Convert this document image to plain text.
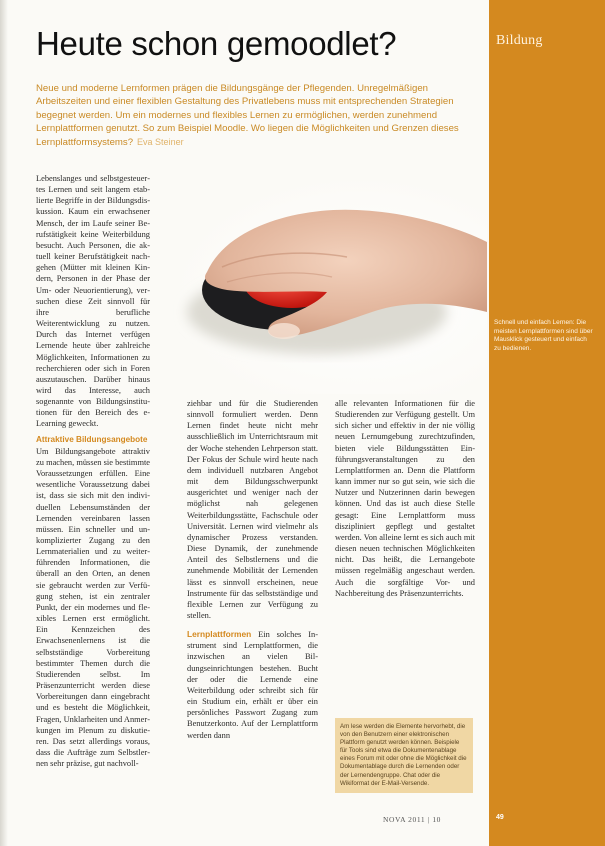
Bildung
Schnell und einfach Lernen: Die meisten Lernplattformen sind über Mausklick gesteuert und einfach zu bedienen.
49
Heute schon gemoodlet?

Neue und moderne Lernformen prägen die Bildungsgänge der Pflegenden. Unregelmäßigen Arbeitszeiten und einer flexiblen Gestaltung des Privatlebens muss mit entsprechenden Strategien begegnet werden. Um ein modernes und flexibles Lernen zu ermöglichen, werden zunehmend Lernplattformen genutzt. So zum Beispiel Moodle. Wo liegen die Möglichkeiten und Grenzen dieses Lernplattformsystems? Eva Steiner

Lebenslanges und selbstgesteuertes Lernen und seit langem etablierte Begriffe in der Bildungsdiskussion. Kaum ein erwachsener Mensch, der im Laufe seiner Berufstätigkeit keine Weiterbildung besucht. Auch Personen, die aktuell keiner Berufstätigkeit nachgehen (Mütter mit kleinen Kindern, Personen in der Phase der Um- oder Neuorientierung), versuchen diese Zeit sinnvoll für ihre berufliche Weiterentwicklung zu nutzen. Durch das Internet verfügen Lernende heute über zahlreiche Möglichkeiten, Informationen zu recherchieren oder sich in Foren auszutauschen. Darüber hinaus wird das Interesse, auch sogenannte von Bildungsinstitutionen für den Bereich des e-Learning geweckt.

Attraktive Bildungsangebote

Um Bildungsangebote attraktiv zu machen, müssen sie bestimmte Voraussetzungen erfüllen. Eine wesentliche Voraussetzung dabei ist, dass sie sich mit den individuellen Lebensumständen der Lernenden vereinbaren lassen müssen. Ein schneller und unkomplizierter Zugang zu den Lernmaterialien und zu weiterführenden Informationen, die überall an den Orten, an denen sie gebraucht werden zur Verfügung stehen, ist ein zentraler Punkt, der ein modernes und flexibles Lernen erst ermöglicht. Ein Kennzeichen des Erwachsenenlernens ist die selbstständige Vorbereitung bestimmter Themen durch die Studierenden selbst. Im Präsenzunterricht werden diese Vorbereitungen dann eingebracht und es besteht die Möglichkeit, Fragen, Unklarheiten und Anmerkungen im Plenum zu diskutieren. Das setzt allerdings voraus, dass die Aufträge zum Selbstlernen sehr präzise, gut nachvoll-

ziehbar und für die Studierenden sinnvoll formuliert werden. Denn Lernen findet heute nicht mehr ausschließlich im Unterrichtsraum mit der Woche stehenden Lehrperson statt. Der Fokus der Schule wird heute nach dem individuell nutzbaren Angebot mit dem Bildungsschwerpunkt ausgerichtet und weniger nach der möglichst nah gelegenen Weiterbildungsstätte, Fachschule oder Universität. Lernen wird vielmehr als dynamischer Prozess verstanden. Diese Dynamik, der zunehmende Anteil des Selbstlernens und die zunehmende Mobilität der Lernenden lässt es sinnvoll erscheinen, neue Instrumente für das selbstständige und flexible Lernen zur Verfügung zu stellen.

Lernplattformen Ein solches Instrument sind Lernplattformen, die inzwischen an vielen Bildungseinrichtungen bestehen. Bucht der oder die Lernende eine Weiterbildung oder schreibt sich für ein Studium ein, erhält er über ein persönliches Passwort Zugang zum Benutzerkonto. Auf der Lernplattform werden dann

alle relevanten Informationen für die Studierenden zur Verfügung gestellt. Um sich sicher und effektiv in der nie völlig neuen Lernumgebung zurechtzufinden, bieten viele Bildungsstätten Einführungsveranstaltungen zu den Lernplattformen an. Denn die Plattform kann immer nur so gut sein, wie sich die Nutzer und Nutzerinnen darin bewegen können. Und das ist auch diese Stelle gesagt: Eine Lernplattform muss diszipliniert gepflegt und gestaltet werden. Von alleine lernt es sich auch mit diesen neuen technischen Möglichkeiten nicht. Das heißt, die Lernangebote müssen regelmäßig angeschaut werden. Auch die sorgfältige Vor- und Nachbereitung des Präsenzunterrichts.

Am lese werden die Elemente hervorhebt, die von den Benutzern einer elektronischen Plattform genutzt werden können. Beispiele für Tools sind etwa die Dokumentenablage eines Forum mit oder ohne die Möglichkeit die Dokumentablage durch die Lernenden oder der Lernendengruppe. Chat oder die Wikiformat der E-Mail-Versende.
NOVA 2011 | 10
